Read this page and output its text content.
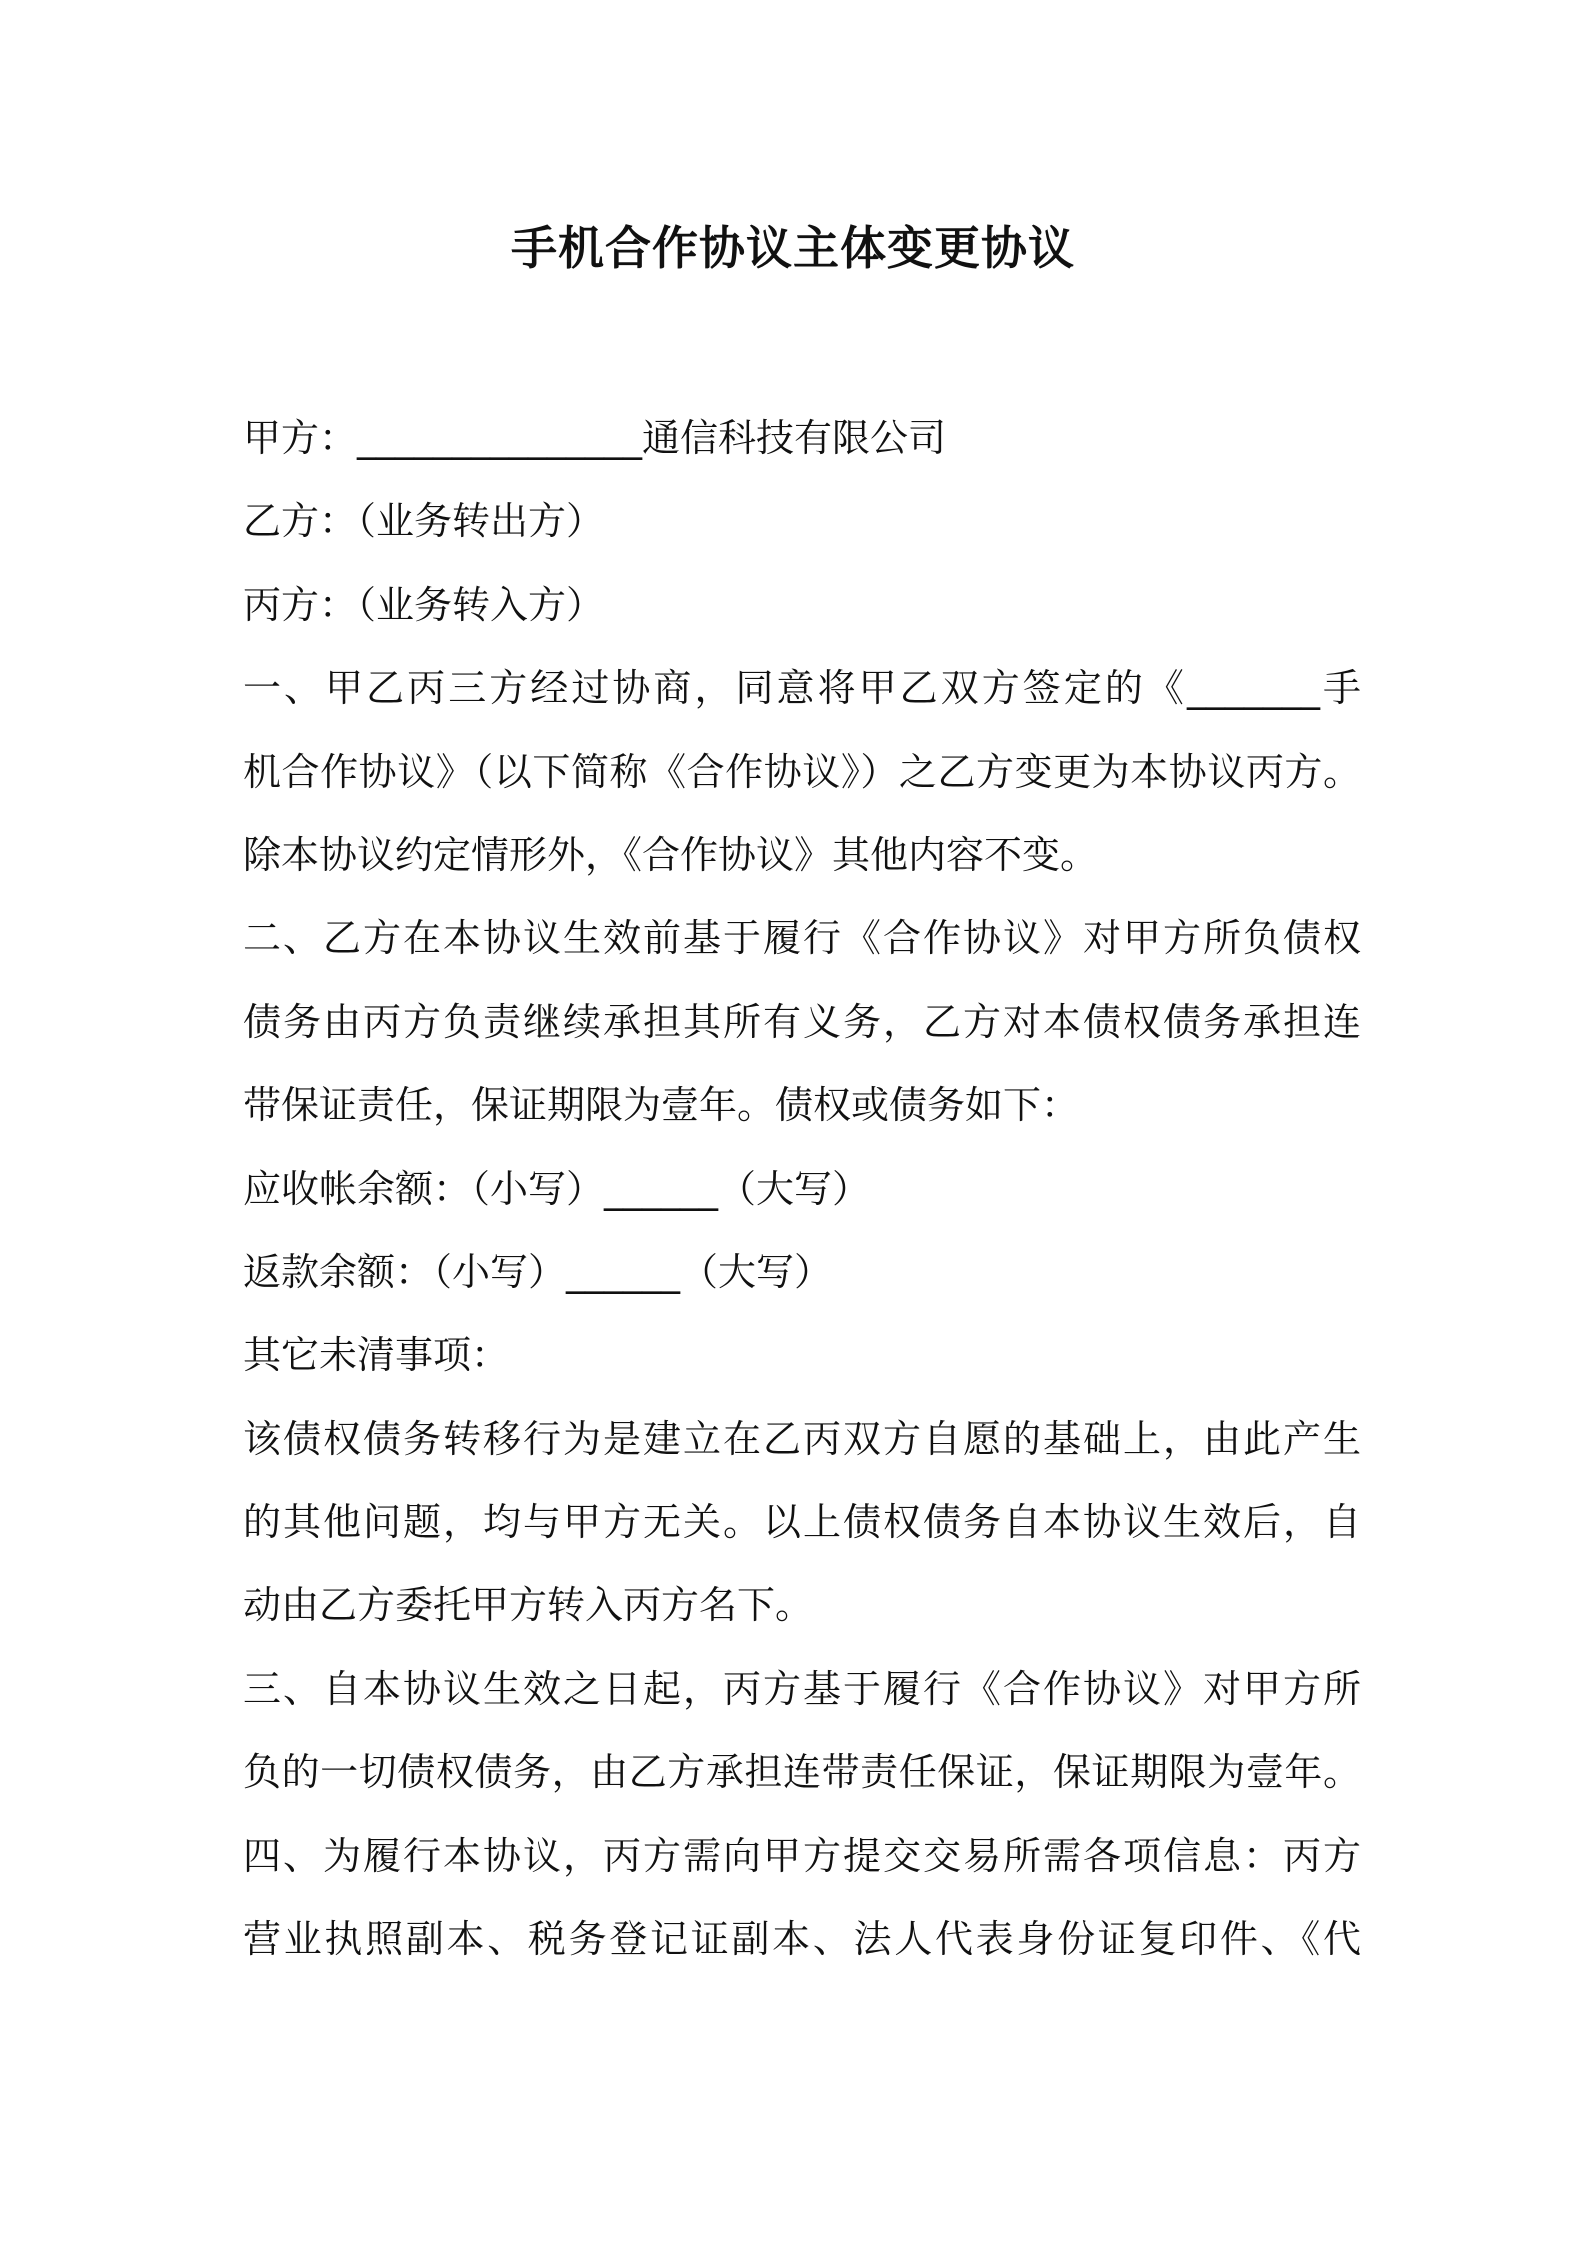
手机合作协议主体变更协议
甲方：_______________通信科技有限公司
乙方：（业务转出方）
丙方：（业务转入方）
一、甲乙丙三方经过协商，同意将甲乙双方签定的《_______手
机合作协议》（以下简称《合作协议》）之乙方变更为本协议丙方。
除本协议约定情形外，《合作协议》其他内容不变。
二、乙方在本协议生效前基于履行《合作协议》对甲方所负债权
债务由丙方负责继续承担其所有义务，乙方对本债权债务承担连
带保证责任，保证期限为壹年。债权或债务如下：
应收帐余额：（小写）______（大写）
返款余额：（小写）______（大写）
其它未清事项：
该债权债务转移行为是建立在乙丙双方自愿的基础上，由此产生
的其他问题，均与甲方无关。以上债权债务自本协议生效后，自
动由乙方委托甲方转入丙方名下。
三、自本协议生效之日起，丙方基于履行《合作协议》对甲方所
负的一切债权债务，由乙方承担连带责任保证，保证期限为壹年。
四、为履行本协议，丙方需向甲方提交交易所需各项信息：丙方
营业执照副本、税务登记证副本、法人代表身份证复印件、《代
